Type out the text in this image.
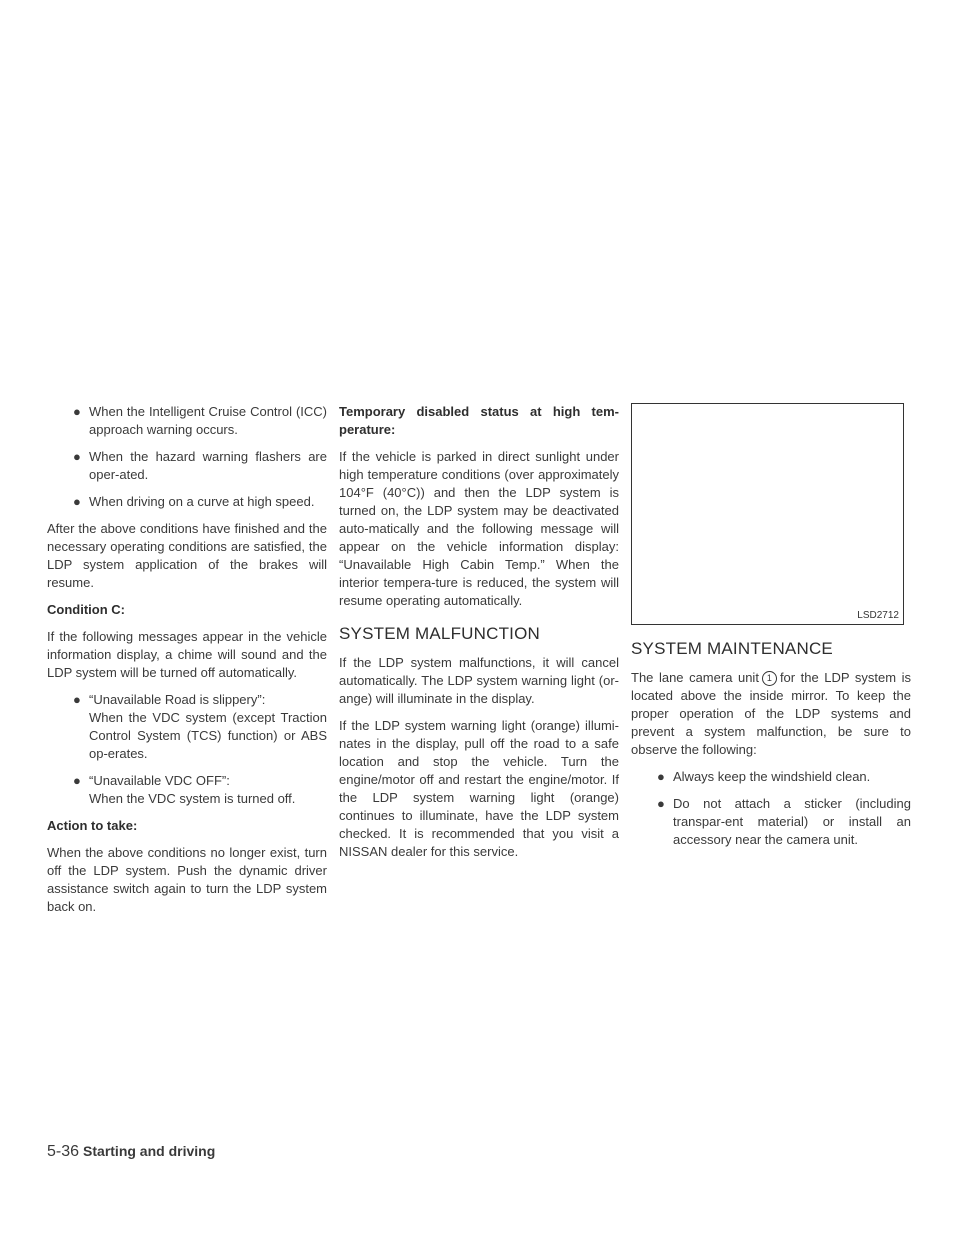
● When the Intelligent Cruise Control (ICC) approach warning occurs.
● When the hazard warning flashers are oper-ated.
● When driving on a curve at high speed.

After the above conditions have finished and the necessary operating conditions are satisfied, the LDP system application of the brakes will resume.

Condition C:

If the following messages appear in the vehicle information display, a chime will sound and the LDP system will be turned off automatically.

● “Unavailable Road is slippery”:
When the VDC system (except Traction Control System (TCS) function) or ABS op-erates.
● “Unavailable VDC OFF”:
When the VDC system is turned off.
Action to take:

When the above conditions no longer exist, turn off the LDP system. Push the dynamic driver assistance switch again to turn the LDP system back on.

Temporary disabled status at high tem-perature:

If the vehicle is parked in direct sunlight under high temperature conditions (over approximately 104°F (40°C)) and then the LDP system is turned on, the LDP system may be deactivated auto-matically and the following message will appear on the vehicle information display: “Unavailable High Cabin Temp.” When the interior tempera-ture is reduced, the system will resume operating automatically.

SYSTEM MALFUNCTION

If the LDP system malfunctions, it will cancel automatically. The LDP system warning light (or-ange) will illuminate in the display.

If the LDP system warning light (orange) illumi-nates in the display, pull off the road to a safe location and stop the vehicle. Turn the engine/motor off and restart the engine/motor. If the LDP system warning light (orange) continues to illuminate, have the LDP system checked. It is recommended that you visit a NISSAN dealer for this service.

LSD2712
SYSTEM MAINTENANCE

The lane camera unit 1 for the LDP system is located above the inside mirror. To keep the proper operation of the LDP systems and prevent a system malfunction, be sure to observe the following:

● Always keep the windshield clean.
● Do not attach a sticker (including transpar-ent material) or install an accessory near the camera unit.
5-36 Starting and driving
